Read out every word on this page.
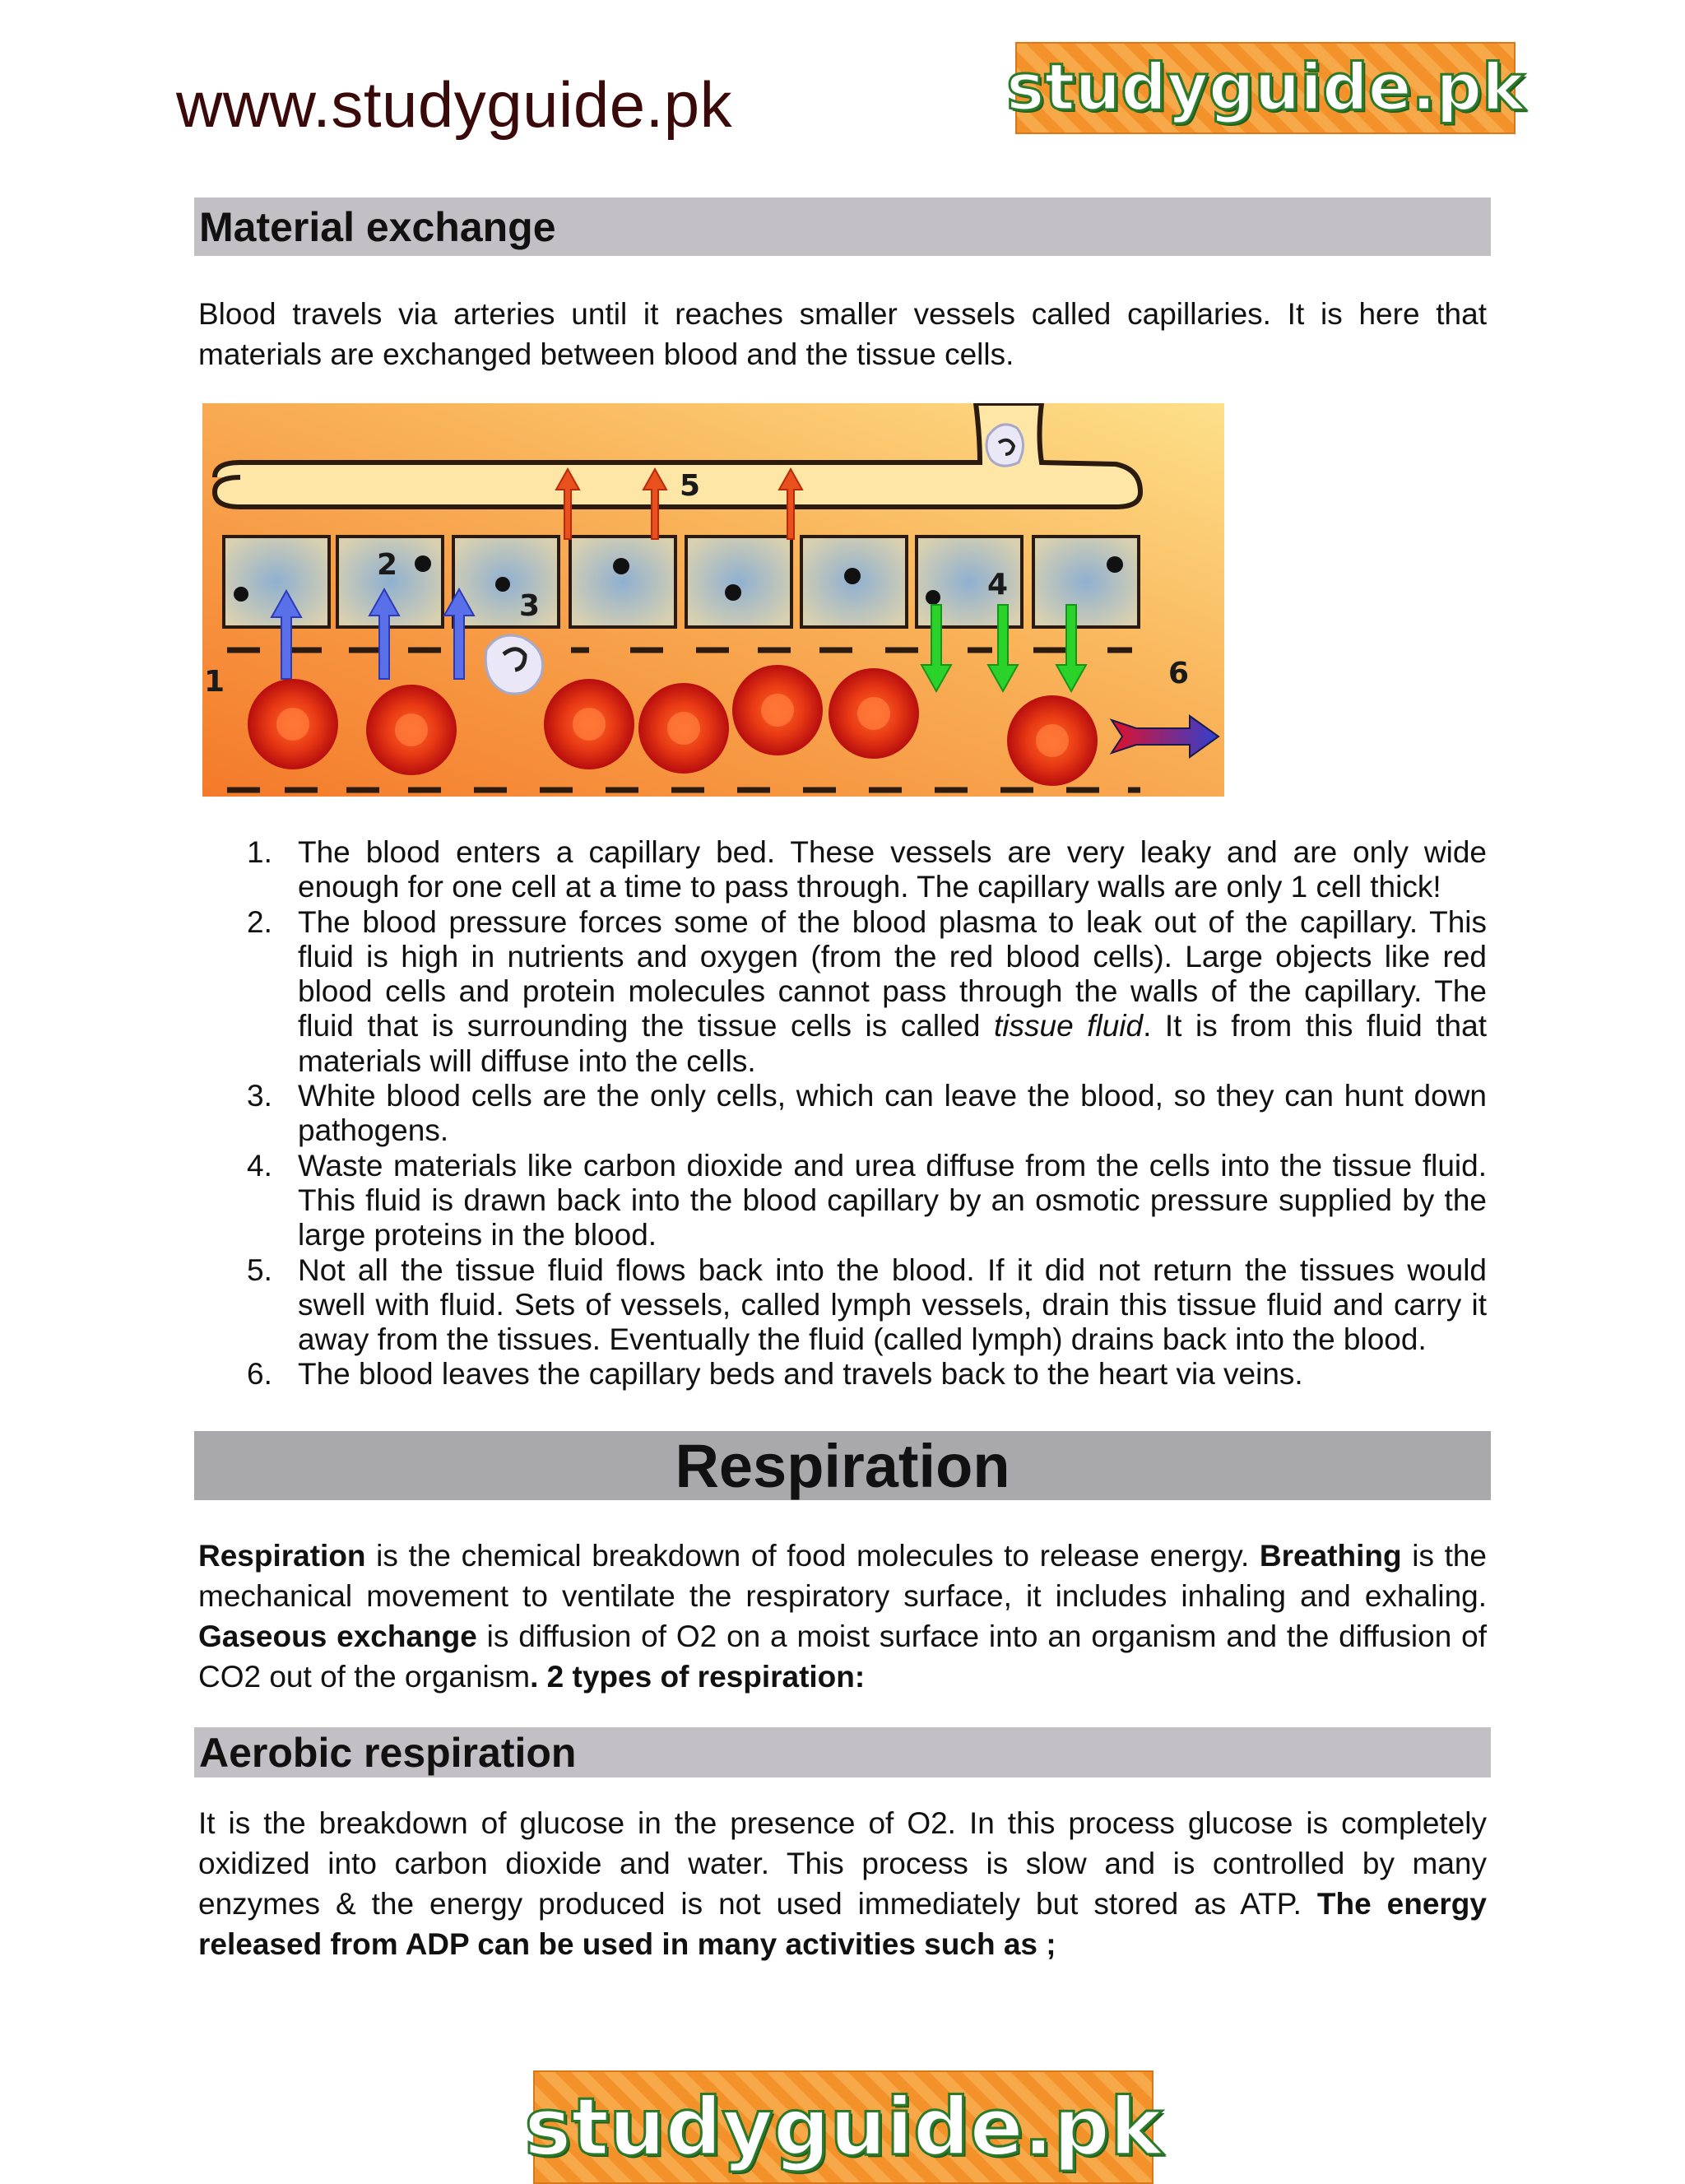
www.studyguide.pk	studyguide.pk
Material exchange
Blood travels via arteries until it reaches smaller vessels called capillaries. It is here that materials are exchanged between blood and the tissue cells.
1
2
3
4
5
6
1. The blood enters a capillary bed. These vessels are very leaky and are only wide enough for one cell at a time to pass through. The capillary walls are only 1 cell thick!
2. The blood pressure forces some of the blood plasma to leak out of the capillary. This fluid is high in nutrients and oxygen (from the red blood cells). Large objects like red blood cells and protein molecules cannot pass through the walls of the capillary. The fluid that is surrounding the tissue cells is called tissue fluid. It is from this fluid that materials will diffuse into the cells.
3. White blood cells are the only cells, which can leave the blood, so they can hunt down pathogens.
4. Waste materials like carbon dioxide and urea diffuse from the cells into the tissue fluid. This fluid is drawn back into the blood capillary by an osmotic pressure supplied by the large proteins in the blood.
5. Not all the tissue fluid flows back into the blood. If it did not return the tissues would swell with fluid. Sets of vessels, called lymph vessels, drain this tissue fluid and carry it away from the tissues. Eventually the fluid (called lymph) drains back into the blood.
6. The blood leaves the capillary beds and travels back to the heart via veins.
Respiration
Respiration is the chemical breakdown of food molecules to release energy. Breathing is the mechanical movement to ventilate the respiratory surface, it includes inhaling and exhaling. Gaseous exchange is diffusion of O2 on a moist surface into an organism and the diffusion of CO2 out of the organism. 2 types of respiration:
Aerobic respiration
It is the breakdown of glucose in the presence of O2. In this process glucose is completely oxidized into carbon dioxide and water. This process is slow and is controlled by many enzymes & the energy produced is not used immediately but stored as ATP. The energy released from ADP can be used in many activities such as ;
studyguide.pk
